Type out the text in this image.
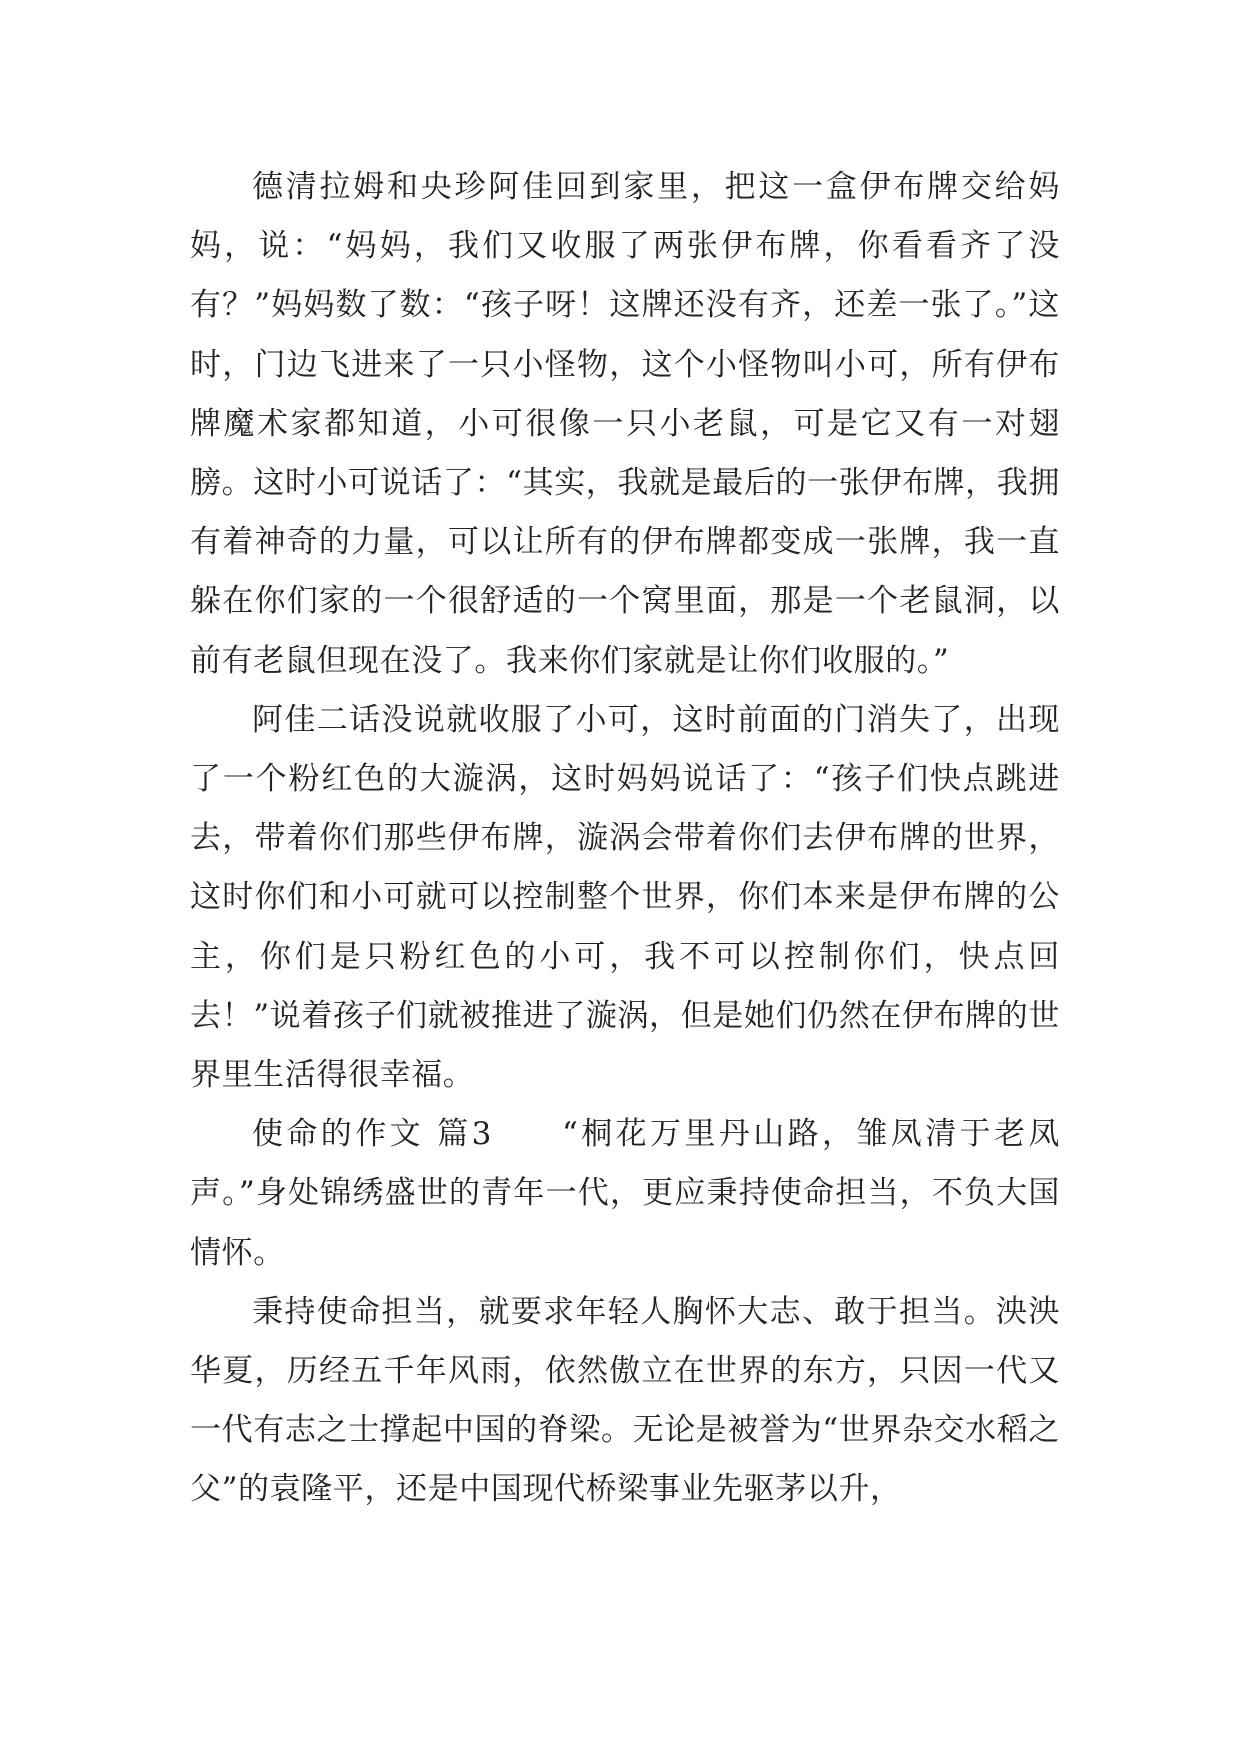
德清拉姆和央珍阿佳回到家里，把这一盒伊布牌交给妈妈，说：“妈妈，我们又收服了两张伊布牌，你看看齐了没有？”妈妈数了数：“孩子呀！这牌还没有齐，还差一张了。”这时，门边飞进来了一只小怪物，这个小怪物叫小可，所有伊布牌魔术家都知道，小可很像一只小老鼠，可是它又有一对翅膀。这时小可说话了：“其实，我就是最后的一张伊布牌，我拥有着神奇的力量，可以让所有的伊布牌都变成一张牌，我一直躲在你们家的一个很舒适的一个窝里面，那是一个老鼠洞，以前有老鼠但现在没了。我来你们家就是让你们收服的。”

阿佳二话没说就收服了小可，这时前面的门消失了，出现了一个粉红色的大漩涡，这时妈妈说话了：“孩子们快点跳进去，带着你们那些伊布牌，漩涡会带着你们去伊布牌的世界，这时你们和小可就可以控制整个世界，你们本来是伊布牌的公主，你们是只粉红色的小可，我不可以控制你们，快点回去！”说着孩子们就被推进了漩涡，但是她们仍然在伊布牌的世界里生活得很幸福。

使命的作文 篇3 “桐花万里丹山路，雏凤清于老凤声。”身处锦绣盛世的青年一代，更应秉持使命担当，不负大国情怀。

秉持使命担当，就要求年轻人胸怀大志、敢于担当。泱泱华夏，历经五千年风雨，依然傲立在世界的东方，只因一代又一代有志之士撑起中国的脊梁。无论是被誉为“世界杂交水稻之父”的袁隆平，还是中国现代桥梁事业先驱茅以升，
